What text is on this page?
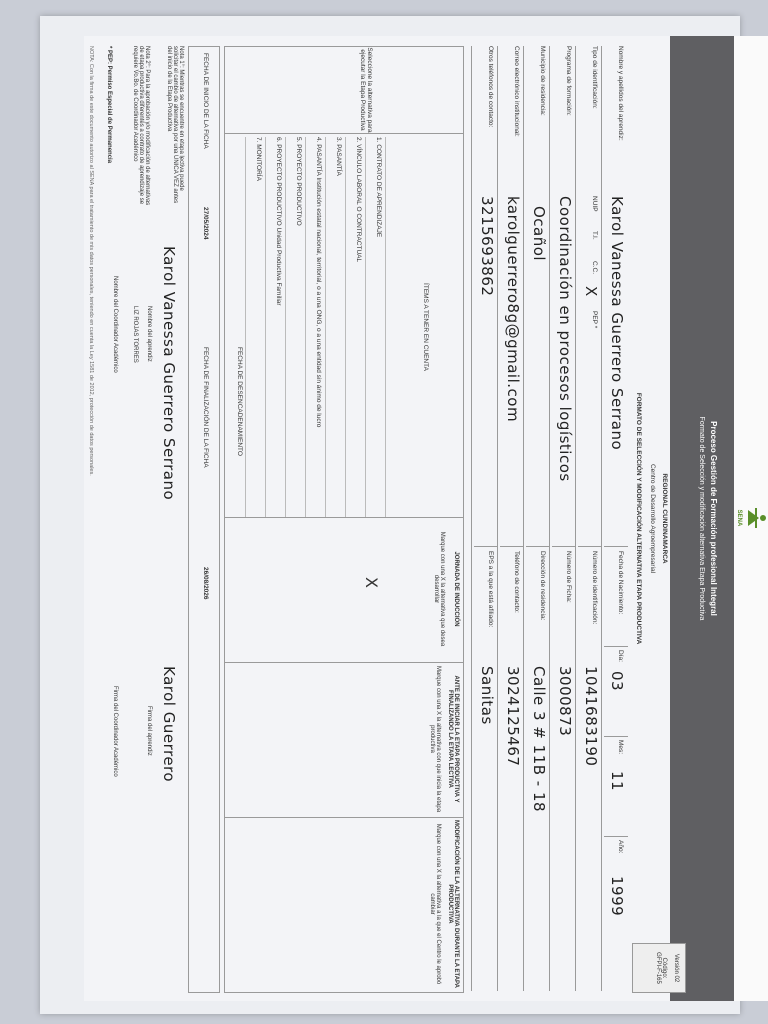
SENA
Proceso Gestión de Formación profesional Integral
Formato de Selección y modificación alternativa Etapa Productiva
Versión 02
Código:
GFPI-F-165
REGIONAL CUNDINAMARCA
Centro de Desarrollo Agroempresarial
FORMATO DE SELECCIÓN Y MODIFICACIÓN ALTERNATIVA ETAPA PRODUCTIVA
Nombre y apellidos del aprendiz:
Karol Vanessa Guerrero Serrano
Fecha de Nacimiento:
Día:
03
Mes:
11
Año:
1999
Tipo de identificación:
NUIP
T.I.
C.C.
X
PEP *
Número de identificación:
1041683190
Programa de formación:
Coordinación en procesos logísticos
Número de Ficha:
3000873
Municipio de residencia:
Ocañol
Dirección de residencia:
Calle 3 # 11B - 18
Correo electrónico institucional:
karolguerrero8g@gmail.com
Teléfono de contacto:
3024125467
Otros teléfonos de contacto:
3215693862
EPS a la que está afiliado:
Sanitas
Seleccione la alternativa para ejecutar la Etapa Productiva
ÍTEMS A TENER EN CUENTA
1. CONTRATO DE APRENDIZAJE
2. VÍNCULO LABORAL O CONTRACTUAL
3. PASANTÍA
4. PASANTÍA Institución estatal nacional, territorial, o a una ONG, o a una entidad sin ánimo de lucro
5. PROYECTO PRODUCTIVO
6. PROYECTO PRODUCTIVO Unidad Productiva Familiar
7. MONITORÍA
JORNADA DE INDUCCIÓN
Marque con una X la alternativa que desea desarrollar
ANTE DE INICIAR LA ETAPA PRODUCTIVA Y FINALIZANDO LA ETAPA LECTIVA
Marque con una X la alternativa con que inicia la etapa productiva
MODIFICACIÓN DE LA ALTERNATIVA DURANTE LA ETAPA PRODUCTIVA
Marque con una X la alternativa a la que el Centro le aprobó cambiar
X
FECHA DE DESENCADENAMIENTO
FECHA DE INICIO DE LA FICHA
27/05/2024
FECHA DE FINALIZACIÓN DE LA FICHA
26/08/2026
Nota 1°: Mientras se encuentre en etapa lectiva puede solicitar el cambio de alternativa por una ÚNICA VEZ antes del inicio de la Etapa Productiva
Nota 2°: Para la aprobación y/o modificación de alternativas de etapa productiva diferentes a contrato de aprendizaje se requiere Vo.Bo. de Coordinador Académico
Karol Vanessa Guerrero Serrano
Nombre del aprendiz
Karol Guerrero
Firma del aprendiz
LIZ ROJAS TORRES
Nombre del Coordinador Académico
Firma del Coordinador Académico
* PEP: Permiso Especial de Permanencia
NOTA: Con la firma de este documento autorizo al SENA para el tratamiento de mis datos personales, teniendo en cuenta la Ley 1581 de 2012, protección de datos personales.
